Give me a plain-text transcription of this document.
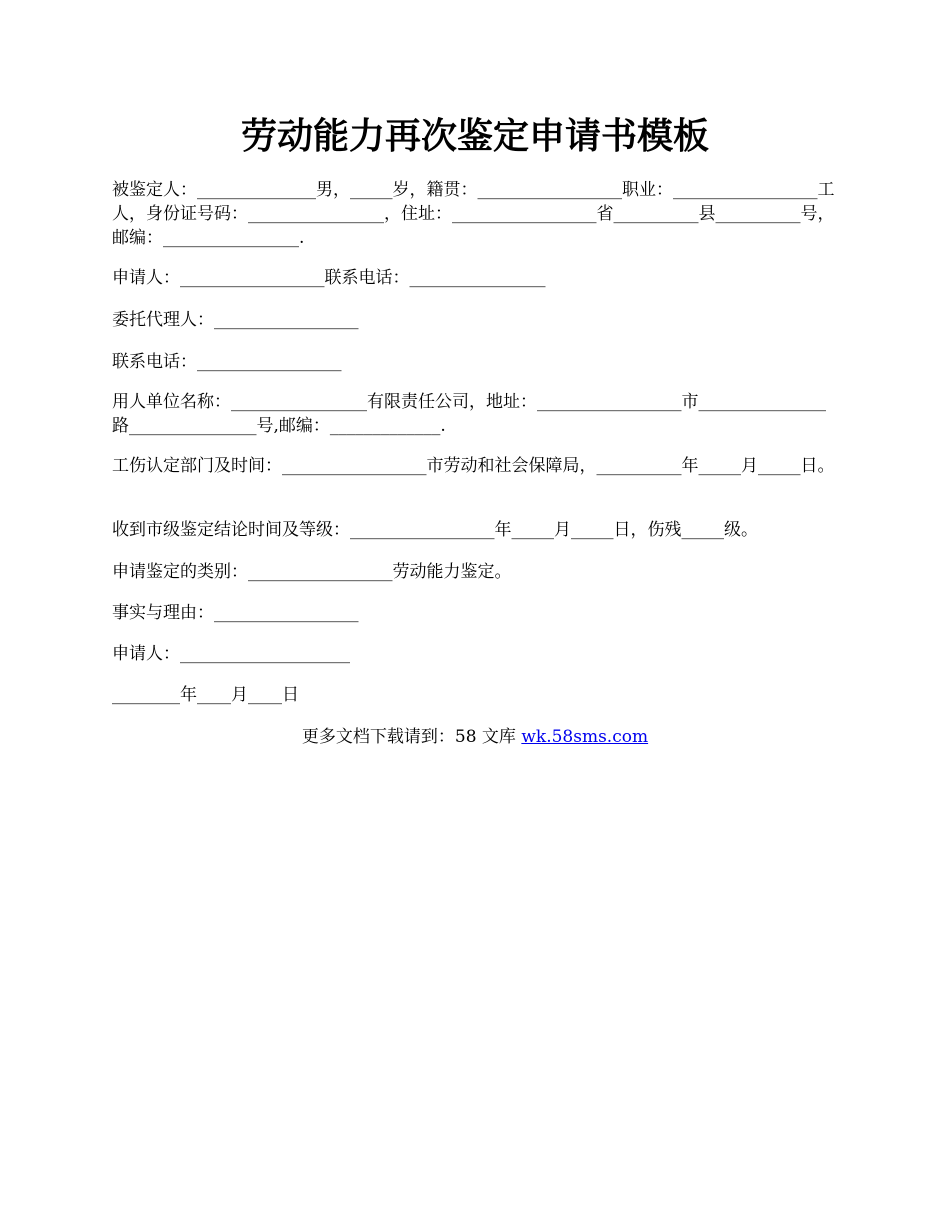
劳动能力再次鉴定申请书模板

被鉴定人：______________男，_____岁，籍贯：_________________职业：_________________工人，身份证号码：________________，住址：_________________省__________县__________号，邮编：________________.

申请人：_________________联系电话：________________

委托代理人：_________________

联系电话：_________________

用人单位名称：________________有限责任公司，地址：_________________市_______________路_______________号,邮编：_____________.

工伤认定部门及时间：_________________市劳动和社会保障局，__________年_____月_____日。

收到市级鉴定结论时间及等级：_________________年_____月_____日，伤残_____级。

申请鉴定的类别：_________________劳动能力鉴定。

事实与理由：_________________

申请人：____________________

________年____月____日

更多文档下载请到：58 文库 wk.58sms.com
